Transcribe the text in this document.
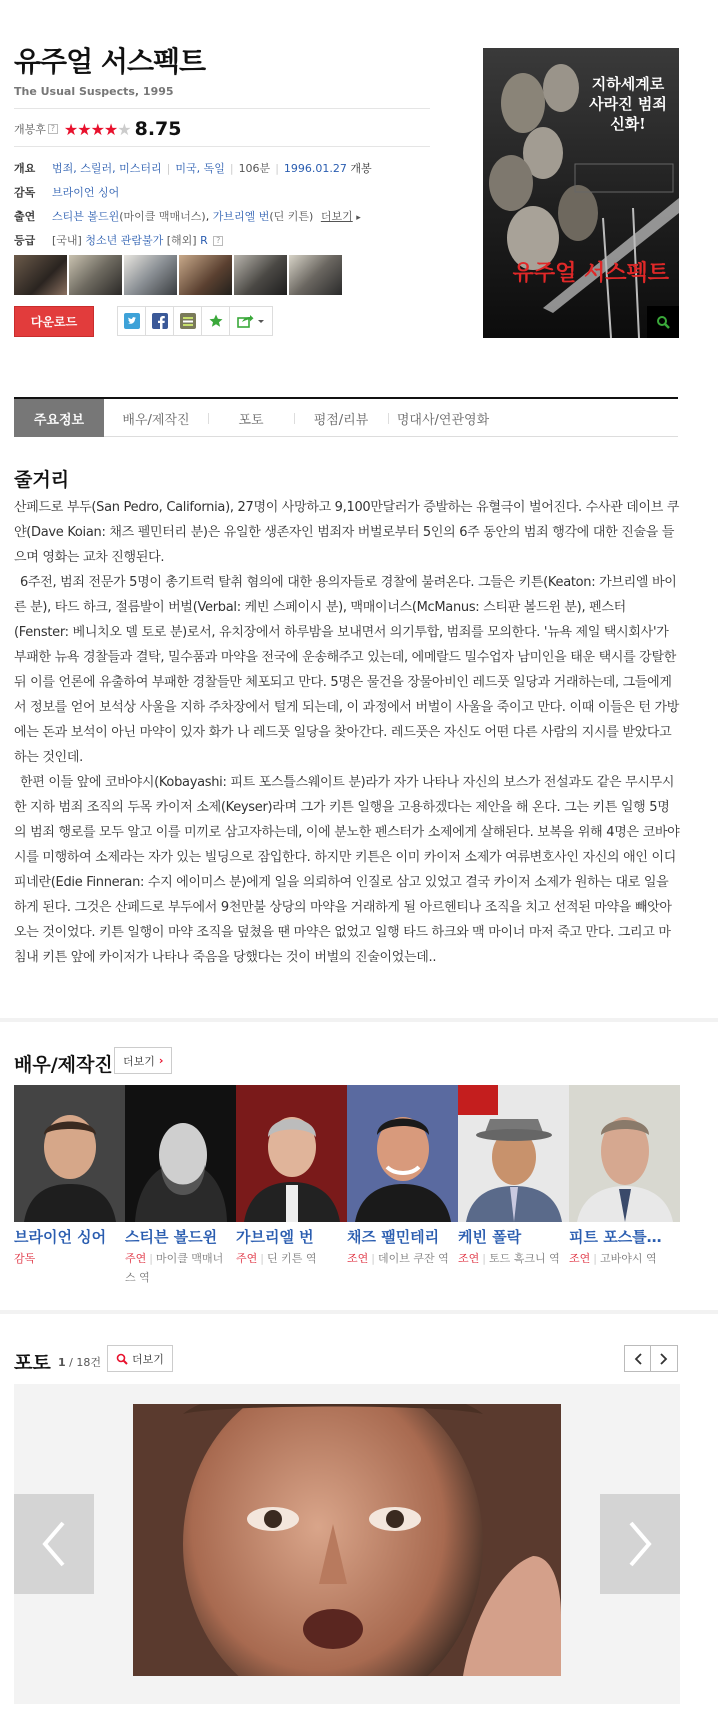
유주얼 서스펙트
The Usual Suspects, 1995
개봉후 ? ★★★★★ 8.75
개요	범죄, 스릴러, 미스터리 | 미국, 독일 | 106분 | 1996.01.27 개봉
감독	브라이언 싱어
출연	스티븐 볼드윈(마이클 맥매너스), 가브리엘 번(딘 키튼) 더보기 ▸
등급	[국내] 청소년 관람불가 [해외] R ?
다운로드
지하세계로 사라진 범죄신화!
유주얼 서스펙트
주요정보	배우/제작진	포토	평점/리뷰	명대사/연관영화
줄거리

산페드로 부두(San Pedro, California), 27명이 사망하고 9,100만달러가 증발하는 유혈극이 벌어진다. 수사관 데이브 쿠얀(Dave Koian: 채즈 펠민터리 분)은 유일한 생존자인 범죄자 버벌로부터 5인의 6주 동안의 범죄 행각에 대한 진술을 들으며 영화는 교차 진행된다.

6주전, 범죄 전문가 5명이 총기트럭 탈취 혐의에 대한 용의자들로 경찰에 불려온다. 그들은 키튼(Keaton: 가브리엘 바이른 분), 타드 하크, 절름발이 버벌(Verbal: 케빈 스페이시 분), 맥매이너스(McManus: 스티판 볼드윈 분), 펜스터(Fenster: 베니치오 델 토로 분)로서, 유치장에서 하루밤을 보내면서 의기투합, 범죄를 모의한다. '뉴욕 제일 택시회사'가 부패한 뉴욕 경찰들과 결탁, 밀수품과 마약을 전국에 운송해주고 있는데, 에메랄드 밀수업자 남미인을 태운 택시를 강탈한 뒤 이를 언론에 유출하여 부패한 경찰들만 체포되고 만다. 5명은 물건을 장물아비인 레드풋 일당과 거래하는데, 그들에게서 정보를 얻어 보석상 사울을 지하 주차장에서 털게 되는데, 이 과정에서 버벌이 사울을 죽이고 만다. 이때 이들은 턴 가방에는 돈과 보석이 아닌 마약이 있자 화가 나 레드풋 일당을 찾아간다. 레드풋은 자신도 어떤 다른 사람의 지시를 받았다고 하는 것인데.

한편 이들 앞에 코바야시(Kobayashi: 피트 포스틀스웨이트 분)라가 자가 나타나 자신의 보스가 전설과도 같은 무시무시한 지하 범죄 조직의 두목 카이저 소제(Keyser)라며 그가 키튼 일행을 고용하겠다는 제안을 해 온다. 그는 키튼 일행 5명의 범죄 행로를 모두 알고 이를 미끼로 삼고자하는데, 이에 분노한 펜스터가 소제에게 살해된다. 보복을 위해 4명은 코바야시를 미행하여 소제라는 자가 있는 빌딩으로 잠입한다. 하지만 키튼은 이미 카이저 소제가 여류변호사인 자신의 애인 이디 피네란(Edie Finneran: 수지 에이미스 분)에게 일을 의뢰하여 인질로 삼고 있었고 결국 카이저 소제가 원하는 대로 일을 하게 된다. 그것은 산페드로 부두에서 9천만불 상당의 마약을 거래하게 될 아르헨티나 조직을 치고 선적된 마약을 빼앗아오는 것이었다. 키튼 일행이 마약 조직을 덮쳤을 땐 마약은 없었고 일행 타드 하크와 맥 마이너 마저 죽고 만다. 그리고 마침내 키튼 앞에 카이저가 나타나 죽음을 당했다는 것이 버벌의 진술이었는데..

배우/제작진 더보기 ›
브라이언 싱어
감독
스티븐 볼드윈
주연 | 마이클 맥매너스 역
가브리엘 번
주연 | 딘 키튼 역
채즈 팰민테리
조연 | 데이브 쿠잔 역
케빈 폴락
조연 | 토드 혹크니 역
피트 포스틀…
조연 | 고바야시 역
포토 1 / 18건	더보기
